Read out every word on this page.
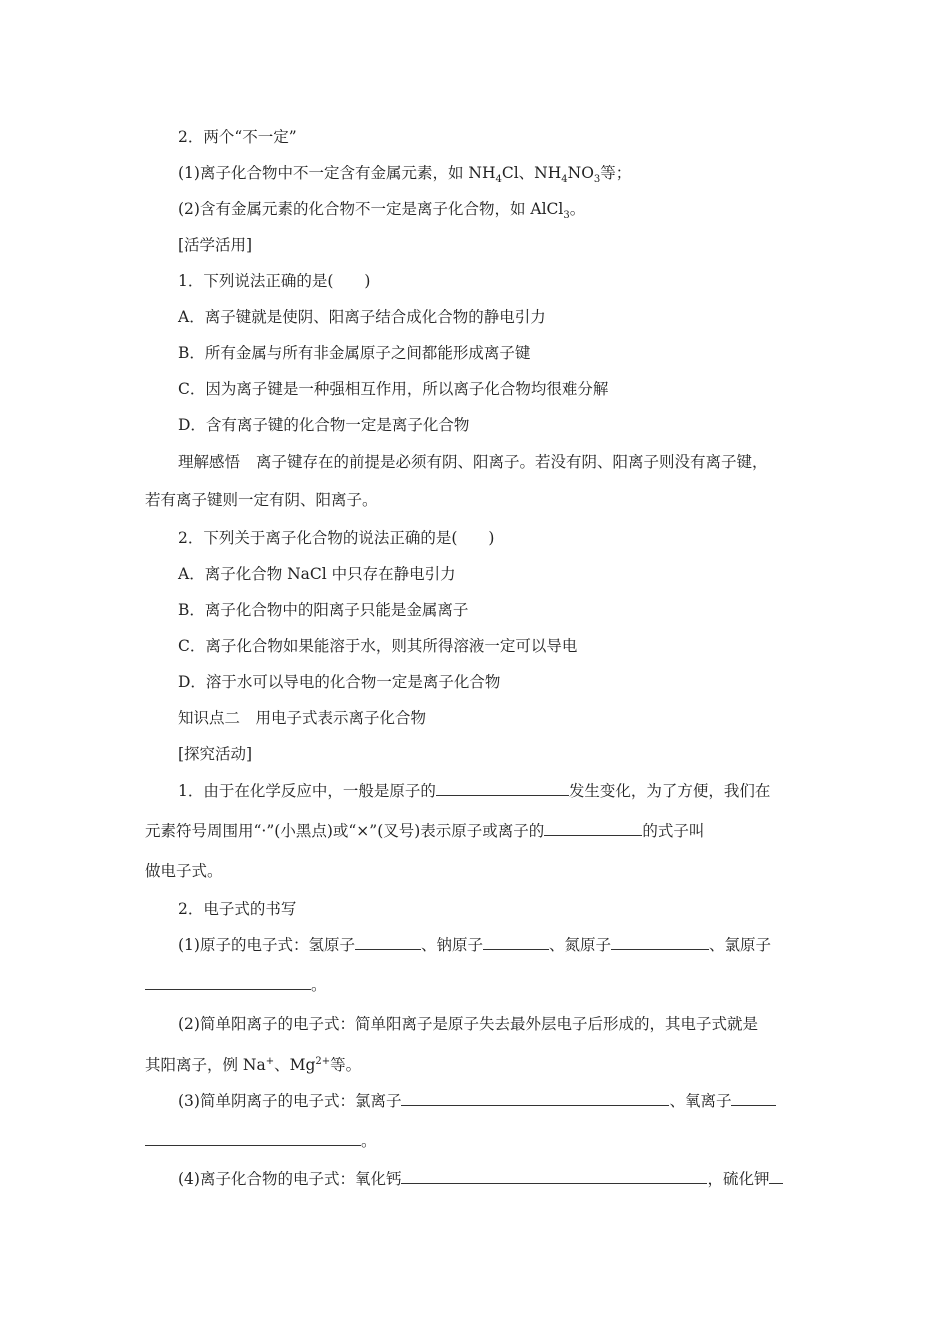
2．两个“不一定”
(1)离子化合物中不一定含有金属元素，如 $NH_4Cl$、$NH_4NO_3$等；
(2)含有金属元素的化合物不一定是离子化合物，如 AlCl$_3$。
[活学活用]
1．下列说法正确的是(　　)
A．离子键就是使阴、阳离子结合成化合物的静电引力
B．所有金属与所有非金属原子之间都能形成离子键
C．因为离子键是一种强相互作用，所以离子化合物均很难分解
D．含有离子键的化合物一定是离子化合物
理解感悟 离子键存在的前提是必须有阴、阳离子。若没有阴、阳离子则没有离子键，
若有离子键则一定有阴、阳离子。
2．下列关于离子化合物的说法正确的是(　　)
A．离子化合物 NaCl 中只存在静电引力
B．离子化合物中的阳离子只能是金属离子
C．离子化合物如果能溶于水，则其所得溶液一定可以导电
D．溶于水可以导电的化合物一定是离子化合物
知识点二　用电子式表示离子化合物
[探究活动]
1．由于在化学反应中，一般是原子的	发生变化，为了方便，我们在
元素符号周围用“·”(小黑点)或“×”(叉号)表示原子或离子的	的式子叫
做电子式。
2．电子式的书写
(1)原子的电子式：氢原子	、钠原子	、氮原子	、氯原子
。
(2)简单阳离子的电子式：简单阳离子是原子失去最外层电子后形成的，其电子式就是
其阳离子，例 Na+、$Mg^{2+}$等。
(3)简单阴离子的电子式：氯离子	、氧离子
。
(4)离子化合物的电子式：氧化钙	，硫化钾
